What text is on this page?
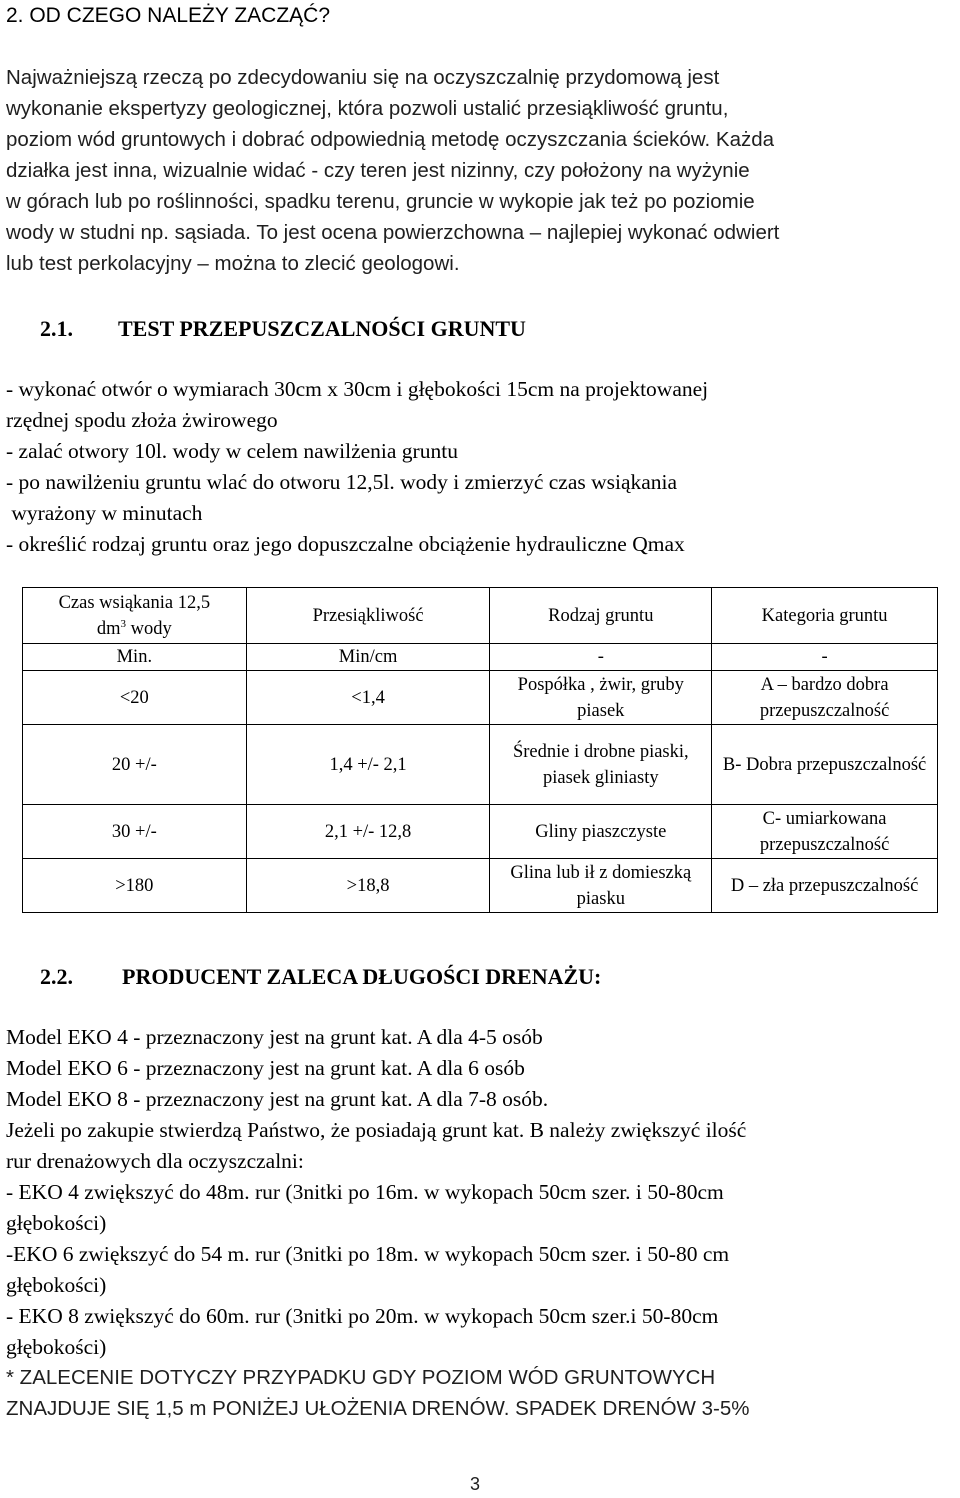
2. OD CZEGO NALEŻY ZACZĄĆ?
Najważniejszą rzeczą po zdecydowaniu się na oczyszczalnię przydomową jest
wykonanie ekspertyzy geologicznej, która pozwoli ustalić przesiąkliwość gruntu,
poziom wód gruntowych i dobrać odpowiednią metodę oczyszczania ścieków. Każda
działka jest inna, wizualnie widać - czy teren jest nizinny, czy położony na wyżynie
w górach lub po roślinności, spadku terenu, gruncie w wykopie jak też po poziomie
wody w studni np. sąsiada. To jest ocena powierzchowna – najlepiej wykonać odwiert
lub test perkolacyjny – można to zlecić geologowi.
2.1. TEST PRZEPUSZCZALNOŚCI GRUNTU
- wykonać otwór o wymiarach 30cm x 30cm i głębokości 15cm na projektowanej
rzędnej spodu złoża żwirowego
- zalać otwory 10l. wody w celem nawilżenia gruntu
- po nawilżeniu gruntu wlać do otworu 12,5l. wody i zmierzyć czas wsiąkania
wyrażony w minutach
- określić rodzaj gruntu oraz jego dopuszczalne obciążenie hydrauliczne Qmax
Czas wsiąkania 12,5
$dm^3$ wody	Przesiąkliwość	Rodzaj gruntu	Kategoria gruntu
Min.	Min/cm	-	-
<20	<1,4	Pospółka , żwir, gruby piasek	A – bardzo dobra przepuszczalność
20 +/-	1,4 +/- 2,1	Średnie i drobne piaski, piasek gliniasty	B- Dobra przepuszczalność
30 +/-	2,1 +/- 12,8	Gliny piaszczyste	C- umiarkowana przepuszczalność
>180	>18,8	Glina lub ił z domieszką piasku	D – zła przepuszczalność
2.2. PRODUCENT ZALECA DŁUGOŚCI DRENAŻU:
Model EKO 4 - przeznaczony jest na grunt kat. A dla 4-5 osób
Model EKO 6 - przeznaczony jest na grunt kat. A dla 6 osób
Model EKO 8 - przeznaczony jest na grunt kat. A dla 7-8 osób.
Jeżeli po zakupie stwierdzą Państwo, że posiadają grunt kat. B należy zwiększyć ilość
rur drenażowych dla oczyszczalni:
- EKO 4 zwiększyć do 48m. rur (3nitki po 16m. w wykopach 50cm szer. i 50-80cm
głębokości)
-EKO 6 zwiększyć do 54 m. rur (3nitki po 18m. w wykopach 50cm szer. i 50-80 cm
głębokości)
- EKO 8 zwiększyć do 60m. rur (3nitki po 20m. w wykopach 50cm szer.i 50-80cm
głębokości)
* ZALECENIE DOTYCZY PRZYPADKU GDY POZIOM WÓD GRUNTOWYCH
ZNAJDUJE SIĘ 1,5 m PONIŻEJ UŁOŻENIA DRENÓW. SPADEK DRENÓW 3-5%
3
